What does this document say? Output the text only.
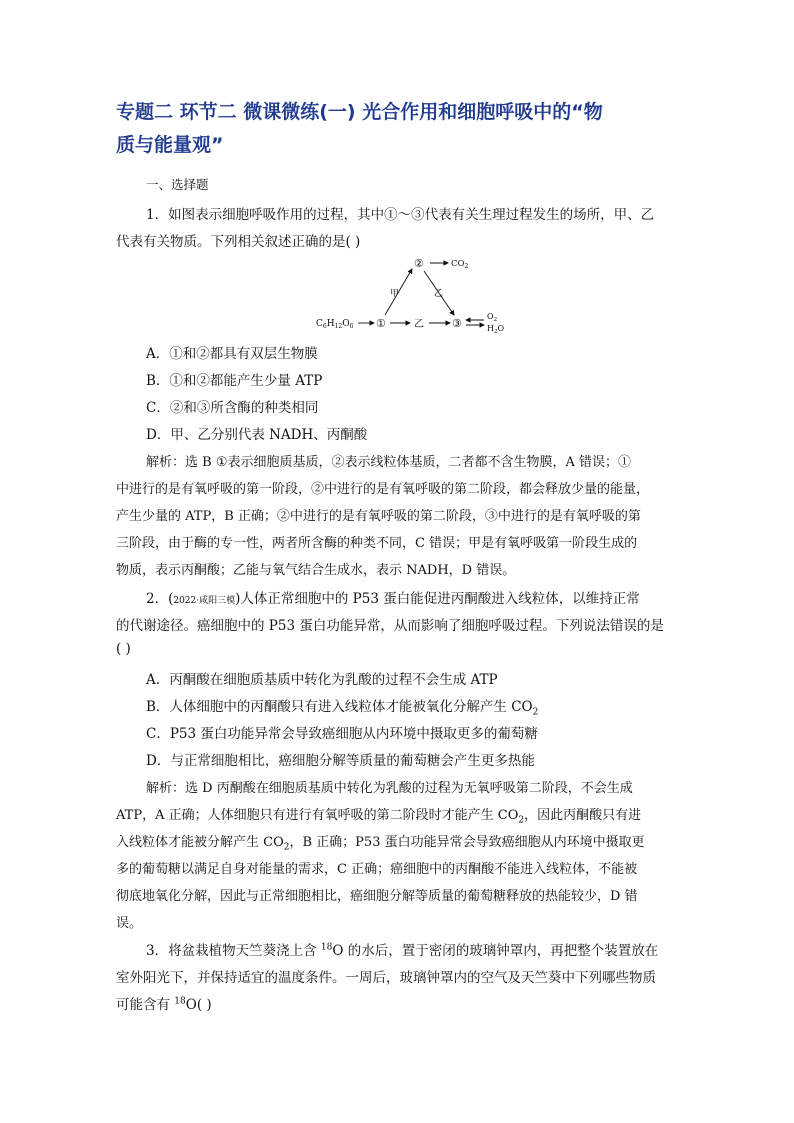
专题二 环节二 微课微练(一) 光合作用和细胞呼吸中的“物
质与能量观”
一、选择题
1．如图表示细胞呼吸作用的过程，其中①～③代表有关生理过程发生的场所，甲、乙
代表有关物质。下列相关叙述正确的是( )
$C_6H_{12}O_6$ ①	乙	③
甲
②	$CO_2$
乙
$O_2$
$H_2O$
A．①和②都具有双层生物膜
B．①和②都能产生少量 ATP
C．②和③所含酶的种类相同
D．甲、乙分别代表 NADH、丙酮酸
解析：选 B ①表示细胞质基质，②表示线粒体基质，二者都不含生物膜，A 错误；①
中进行的是有氧呼吸的第一阶段，②中进行的是有氧呼吸的第二阶段，都会释放少量的能量，
产生少量的 ATP，B 正确；②中进行的是有氧呼吸的第二阶段，③中进行的是有氧呼吸的第
三阶段，由于酶的专一性，两者所含酶的种类不同，C 错误；甲是有氧呼吸第一阶段生成的
物质，表示丙酮酸；乙能与氧气结合生成水，表示 NADH，D 错误。
2．(2022·咸阳三模)人体正常细胞中的 P53 蛋白能促进丙酮酸进入线粒体，以维持正常
的代谢途径。癌细胞中的 P53 蛋白功能异常，从而影响了细胞呼吸过程。下列说法错误的是
( )
A．丙酮酸在细胞质基质中转化为乳酸的过程不会生成 ATP
B．人体细胞中的丙酮酸只有进入线粒体才能被氧化分解产生 $CO_2$
C．P53 蛋白功能异常会导致癌细胞从内环境中摄取更多的葡萄糖
D．与正常细胞相比，癌细胞分解等质量的葡萄糖会产生更多热能
解析：选 D 丙酮酸在细胞质基质中转化为乳酸的过程为无氧呼吸第二阶段，不会生成
ATP，A 正确；人体细胞只有进行有氧呼吸的第二阶段时才能产生 $CO_2$，因此丙酮酸只有进
入线粒体才能被分解产生 $CO_2$，B 正确；P53 蛋白功能异常会导致癌细胞从内环境中摄取更
多的葡萄糖以满足自身对能量的需求，C 正确；癌细胞中的丙酮酸不能进入线粒体，不能被
彻底地氧化分解，因此与正常细胞相比，癌细胞分解等质量的葡萄糖释放的热能较少，D 错
误。
3．将盆栽植物天竺葵浇上含 $^{18}$O 的水后，置于密闭的玻璃钟罩内，再把整个装置放在
室外阳光下，并保持适宜的温度条件。一周后，玻璃钟罩内的空气及天竺葵中下列哪些物质
可能含有 $^{18}$O( )
